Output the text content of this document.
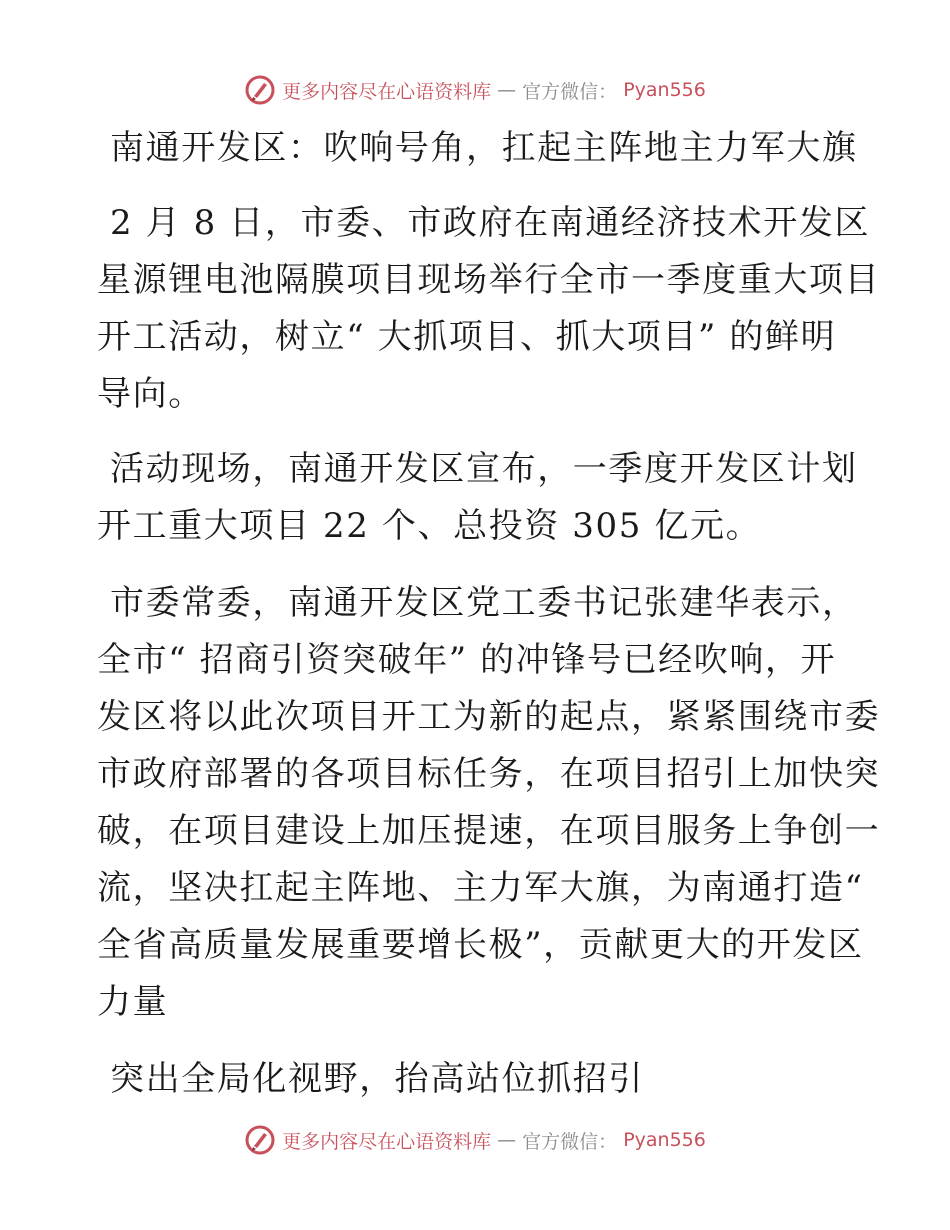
更多内容尽在心语资料库 — 官方微信： Pyan556
南通开发区：吹响号角，扛起主阵地主力军大旗
2 月 8 日，市委、市政府在南通经济技术开发区
星源锂电池隔膜项目现场举行全市一季度重大项目
开工活动，树立“ 大抓项目、抓大项目” 的鲜明
导向。
活动现场，南通开发区宣布，一季度开发区计划
开工重大项目 22 个、总投资 305 亿元。
市委常委，南通开发区党工委书记张建华表示，
全市“ 招商引资突破年” 的冲锋号已经吹响，开
发区将以此次项目开工为新的起点，紧紧围绕市委
市政府部署的各项目标任务，在项目招引上加快突
破，在项目建设上加压提速，在项目服务上争创一
流，坚决扛起主阵地、主力军大旗，为南通打造“
全省高质量发展重要增长极”，贡献更大的开发区
力量
突出全局化视野，抬高站位抓招引
更多内容尽在心语资料库 — 官方微信： Pyan556
